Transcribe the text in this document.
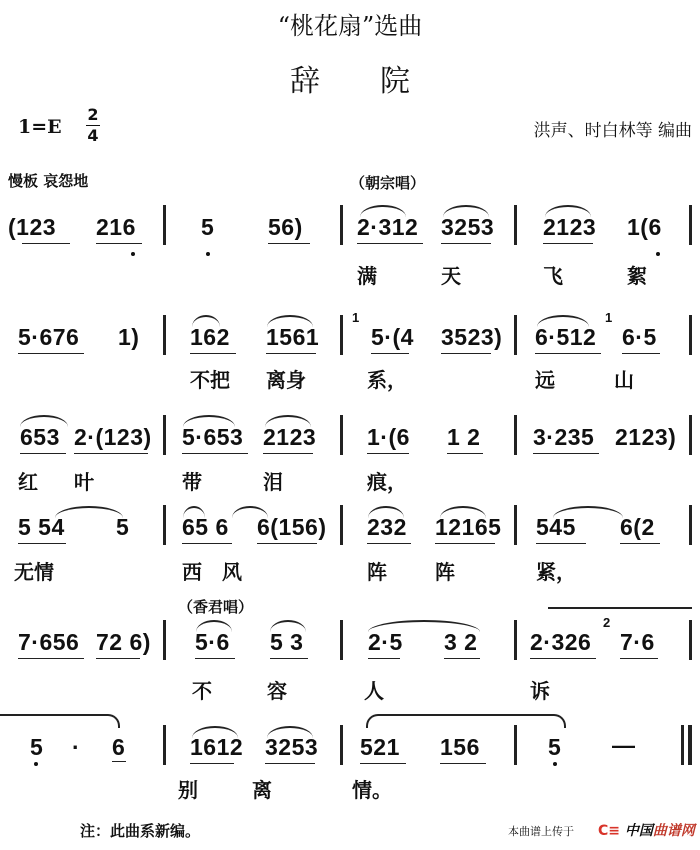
“桃花扇”选曲
辞院
1=E
2
4	洪声、时白林等 编曲
慢板 哀怨地	（朝宗唱）
(123 216	5 56) 2·312 3253 2123 1(6
满	天	飞	絮
5·676 1) 162 1561
1
5·(4 3523) 6·512
1
6·5
不把 离身	系，	远	山
653 2·(123) 5·653 2123 1·(6 1 2 3·235 2123)
红 叶	带	泪	痕，
5 54 5 65 6 6(156) 232 12165 545 6(2
无情	西 风	阵 阵	紧，
（香君唱）
7·656 72 6) 5·6 5 3	2·5 3 2 2·326
2
7·6
不	容	人	诉
5 · 6	1612 3253 521 156	5 —
别	离	情。
注：此曲系新编。	本曲谱上传于 C≡ 中国曲谱网
